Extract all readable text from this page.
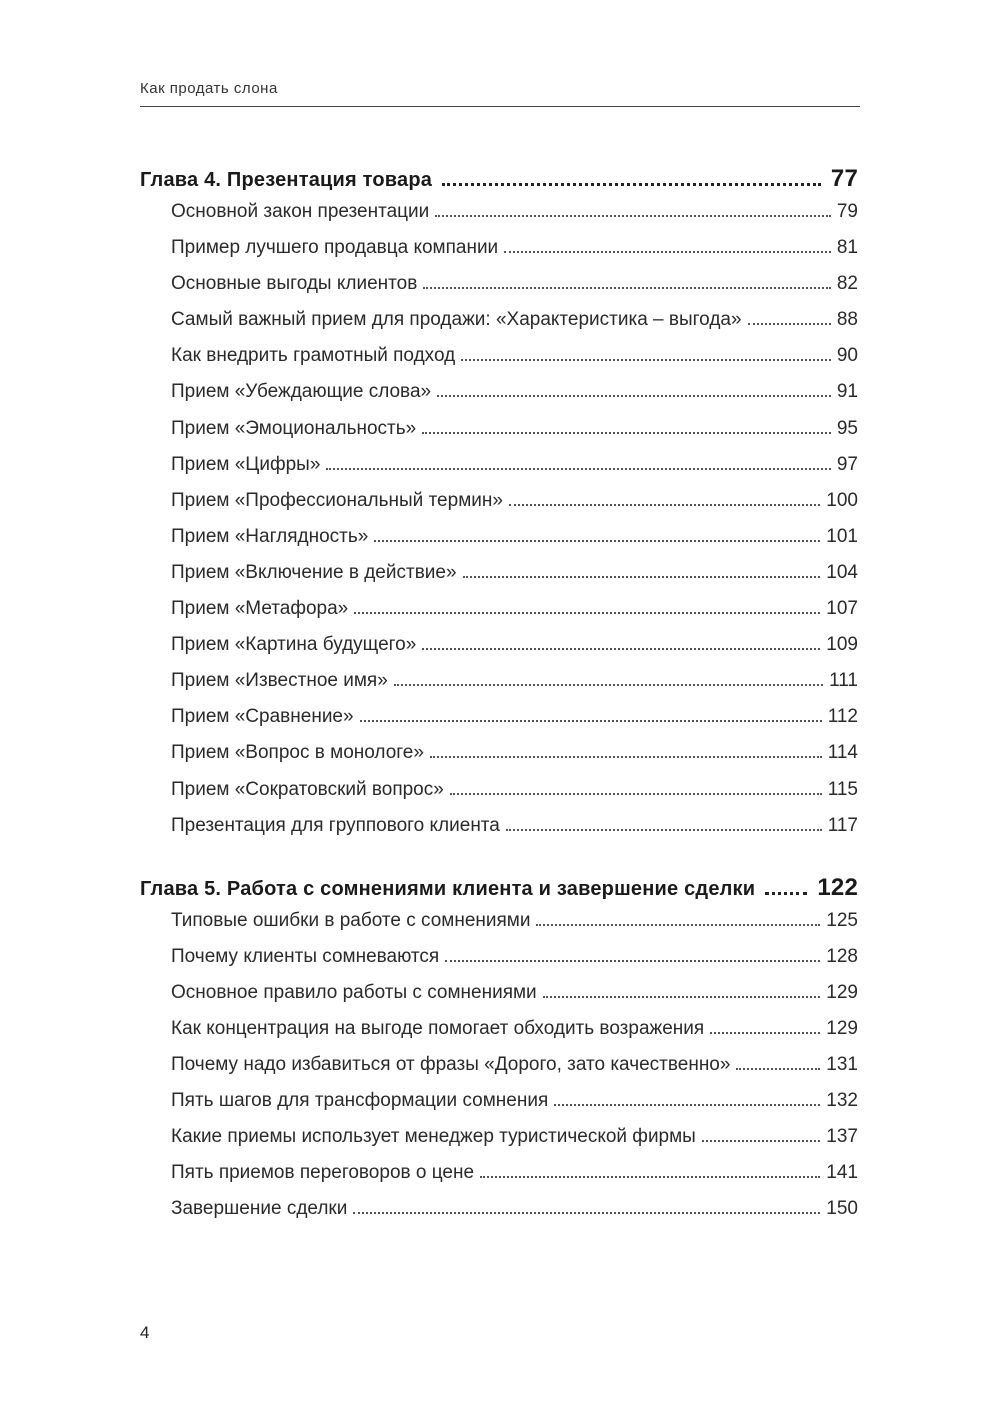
Как продать слона
Глава 4. Презентация товара	77
Основной закон презентации	79
Пример лучшего продавца компании	81
Основные выгоды клиентов	82
Самый важный прием для продажи: «Характеристика – выгода»	88
Как внедрить грамотный подход	90
Прием «Убеждающие слова»	91
Прием «Эмоциональность»	95
Прием «Цифры»	97
Прием «Профессиональный термин»	100
Прием «Наглядность»	101
Прием «Включение в действие»	104
Прием «Метафора»	107
Прием «Картина будущего»	109
Прием «Известное имя»	111
Прием «Сравнение»	112
Прием «Вопрос в монологе»	114
Прием «Сократовский вопрос»	115
Презентация для группового клиента	117
Глава 5. Работа с сомнениями клиента и завершение сделки	122
Типовые ошибки в работе с сомнениями	125
Почему клиенты сомневаются	128
Основное правило работы с сомнениями	129
Как концентрация на выгоде помогает обходить возражения	129
Почему надо избавиться от фразы «Дорого, зато качественно»	131
Пять шагов для трансформации сомнения	132
Какие приемы использует менеджер туристической фирмы	137
Пять приемов переговоров о цене	141
Завершение сделки	150
4
